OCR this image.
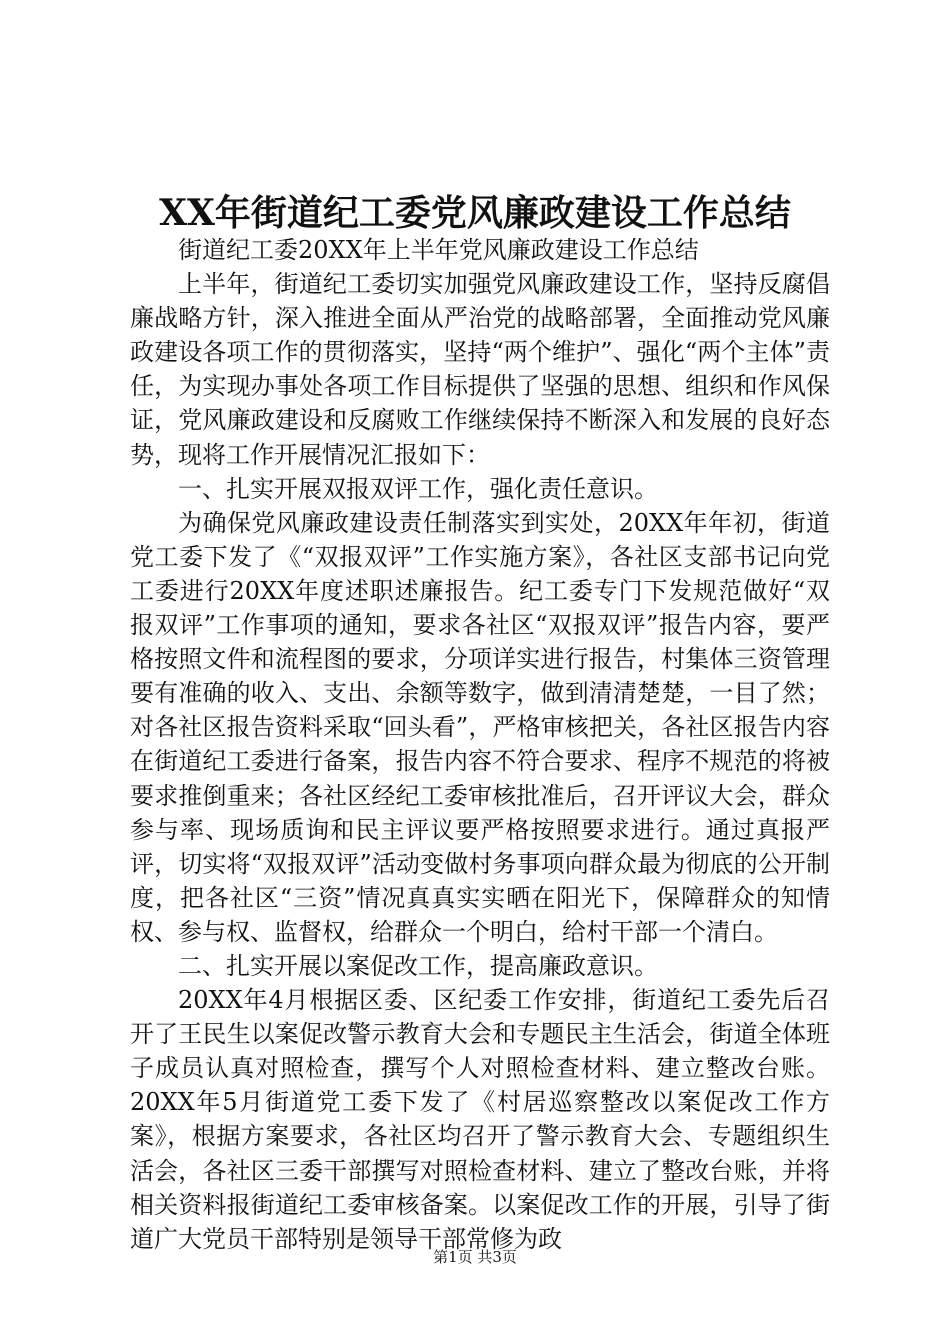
XX年街道纪工委党风廉政建设工作总结

街道纪工委20XX年上半年党风廉政建设工作总结

上半年，街道纪工委切实加强党风廉政建设工作，坚持反腐倡廉战略方针，深入推进全面从严治党的战略部署，全面推动党风廉政建设各项工作的贯彻落实，坚持“两个维护”、强化“两个主体”责任，为实现办事处各项工作目标提供了坚强的思想、组织和作风保证，党风廉政建设和反腐败工作继续保持不断深入和发展的良好态势，现将工作开展情况汇报如下：

一、扎实开展双报双评工作，强化责任意识。

为确保党风廉政建设责任制落实到实处，20XX年年初，街道党工委下发了《“双报双评”工作实施方案》，各社区支部书记向党工委进行20XX年度述职述廉报告。纪工委专门下发规范做好“双报双评”工作事项的通知，要求各社区“双报双评”报告内容，要严格按照文件和流程图的要求，分项详实进行报告，村集体三资管理要有准确的收入、支出、余额等数字，做到清清楚楚，一目了然；对各社区报告资料采取“回头看”，严格审核把关，各社区报告内容在街道纪工委进行备案，报告内容不符合要求、程序不规范的将被要求推倒重来；各社区经纪工委审核批准后，召开评议大会，群众参与率、现场质询和民主评议要严格按照要求进行。通过真报严评，切实将“双报双评”活动变做村务事项向群众最为彻底的公开制度，把各社区“三资”情况真真实实晒在阳光下，保障群众的知情权、参与权、监督权，给群众一个明白，给村干部一个清白。

二、扎实开展以案促改工作，提高廉政意识。

20XX年4月根据区委、区纪委工作安排，街道纪工委先后召开了王民生以案促改警示教育大会和专题民主生活会，街道全体班子成员认真对照检查，撰写个人对照检查材料、建立整改台账。20XX年5月街道党工委下发了《村居巡察整改以案促改工作方案》，根据方案要求，各社区均召开了警示教育大会、专题组织生活会，各社区三委干部撰写对照检查材料、建立了整改台账，并将相关资料报街道纪工委审核备案。以案促改工作的开展，引导了街道广大党员干部特别是领导干部常修为政

第1页 共3页
